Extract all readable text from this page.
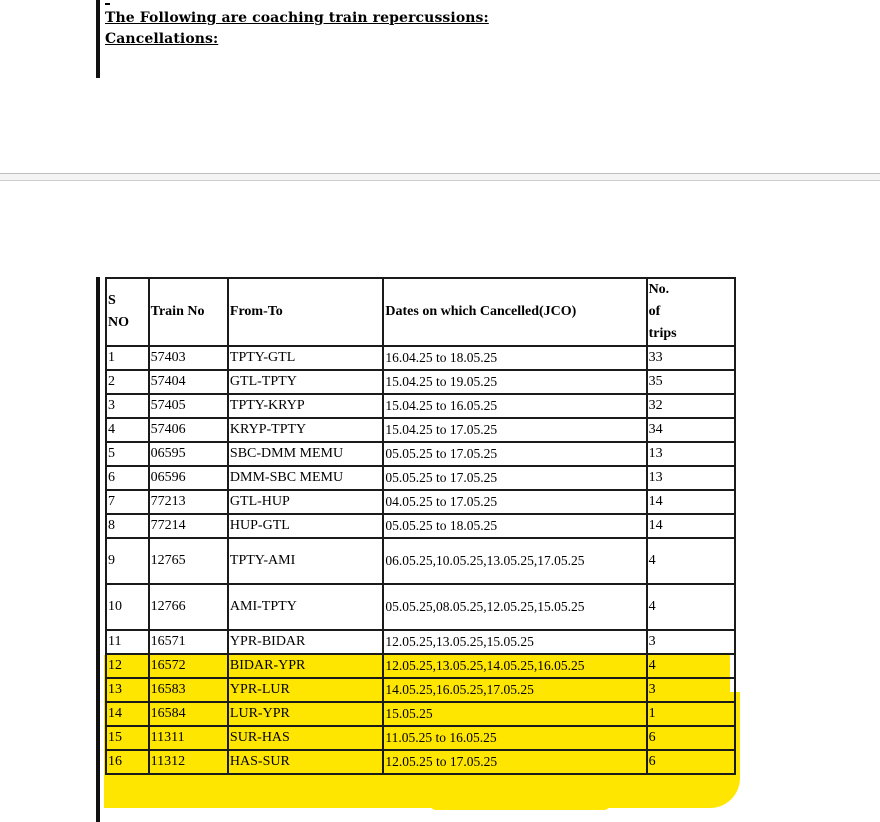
The Following are coaching train repercussions:
Cancellations:
S
NO	Train No	From-To	Dates on which Cancelled(JCO)	No.
of
trips
1	57403	TPTY-GTL	16.04.25 to 18.05.25	33
2	57404	GTL-TPTY	15.04.25 to 19.05.25	35
3	57405	TPTY-KRYP	15.04.25 to 16.05.25	32
4	57406	KRYP-TPTY	15.04.25 to 17.05.25	34
5	06595	SBC-DMM MEMU	05.05.25 to 17.05.25	13
6	06596	DMM-SBC MEMU	05.05.25 to 17.05.25	13
7	77213	GTL-HUP	04.05.25 to 17.05.25	14
8	77214	HUP-GTL	05.05.25 to 18.05.25	14
9	12765	TPTY-AMI	06.05.25,10.05.25,13.05.25,17.05.25	4
10	12766	AMI-TPTY	05.05.25,08.05.25,12.05.25,15.05.25	4
11	16571	YPR-BIDAR	12.05.25,13.05.25,15.05.25	3
12	16572	BIDAR-YPR	12.05.25,13.05.25,14.05.25,16.05.25	4
13	16583	YPR-LUR	14.05.25,16.05.25,17.05.25	3
14	16584	LUR-YPR	15.05.25	1
15	11311	SUR-HAS	11.05.25 to 16.05.25	6
16	11312	HAS-SUR	12.05.25 to 17.05.25	6
